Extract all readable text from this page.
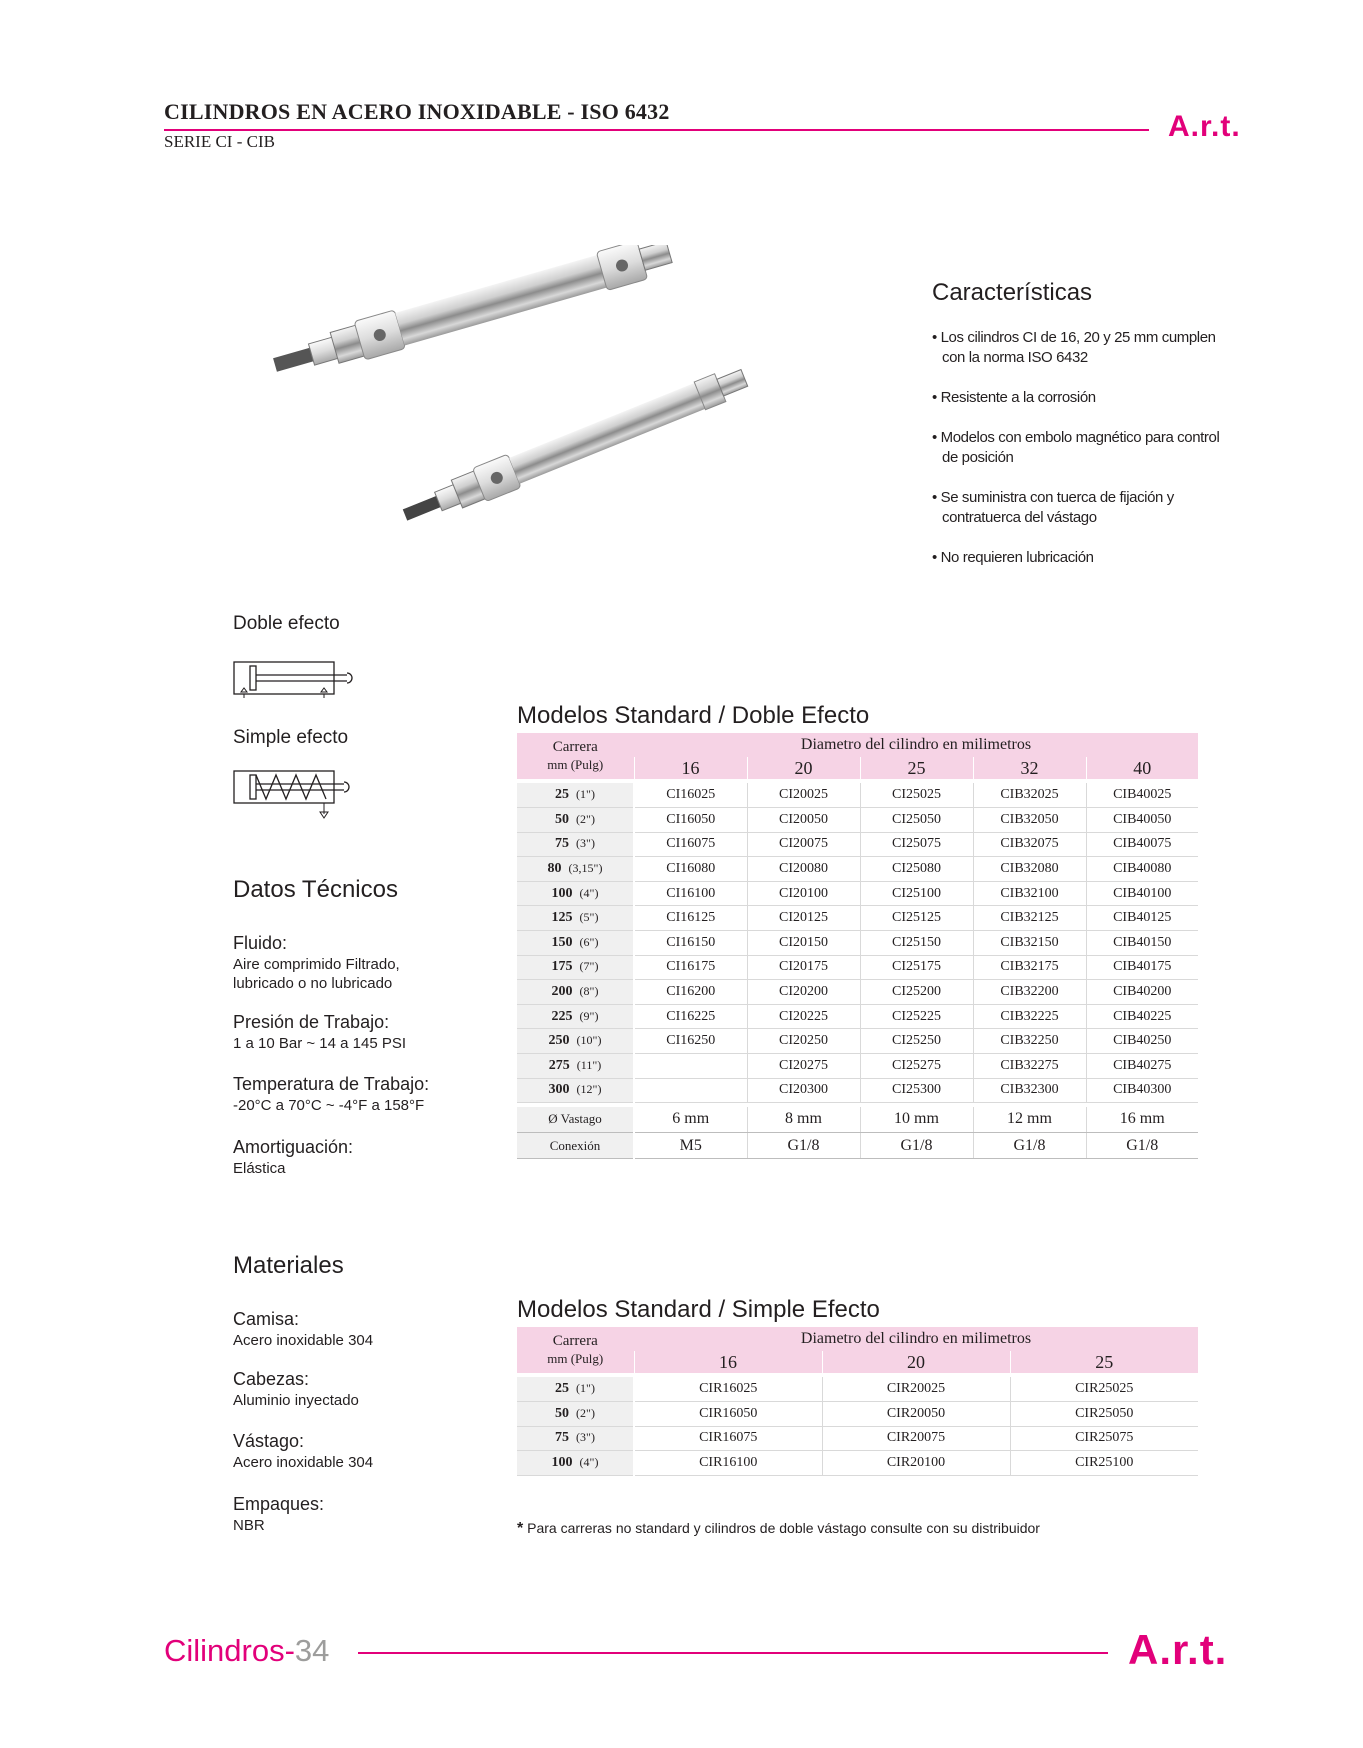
CILINDROS EN ACERO INOXIDABLE - ISO 6432
SERIE CI - CIB	A.r.t.
Características
• Los cilindros CI de 16, 20 y 25 mm cumplen con la norma ISO 6432
• Resistente a la corrosión
• Modelos con embolo magnético para control de posición
• Se suministra con tuerca de fijación y contratuerca del vástago
• No requieren lubricación
Doble efecto
Simple efecto
Datos Técnicos
Fluido:
Aire comprimido Filtrado,
lubricado o no lubricado
Presión de Trabajo:
1 a 10 Bar ~ 14 a 145 PSI
Temperatura de Trabajo:
-20°C a 70°C ~ -4°F a 158°F
Amortiguación:
Elástica
Materiales
Camisa:
Acero inoxidable 304
Cabezas:
Aluminio inyectado
Vástago:
Acero inoxidable 304
Empaques:
NBR
Modelos Standard / Doble Efecto
Carrera
mm (Pulg)	Diametro del cilindro en milimetros				
	16	20	25	32	40

25 (1")	CI16025	CI20025	CI25025	CIB32025	CIB40025
50 (2")	CI16050	CI20050	CI25050	CIB32050	CIB40050
75 (3")	CI16075	CI20075	CI25075	CIB32075	CIB40075
80 (3,15")	CI16080	CI20080	CI25080	CIB32080	CIB40080
100 (4")	CI16100	CI20100	CI25100	CIB32100	CIB40100
125 (5")	CI16125	CI20125	CI25125	CIB32125	CIB40125
150 (6")	CI16150	CI20150	CI25150	CIB32150	CIB40150
175 (7")	CI16175	CI20175	CI25175	CIB32175	CIB40175
200 (8")	CI16200	CI20200	CI25200	CIB32200	CIB40200
225 (9")	CI16225	CI20225	CI25225	CIB32225	CIB40225
250 (10")	CI16250	CI20250	CI25250	CIB32250	CIB40250
275 (11")		CI20275	CI25275	CIB32275	CIB40275
300 (12")		CI20300	CI25300	CIB32300	CIB40300

Ø Vastago	6 mm	8 mm	10 mm	12 mm	16 mm
Conexión	M5	G1/8	G1/8	G1/8	G1/8
Modelos Standard / Simple Efecto
Carrera
mm (Pulg)	Diametro del cilindro en milimetros		
	16	20	25

25 (1")	CIR16025	CIR20025	CIR25025
50 (2")	CIR16050	CIR20050	CIR25050
75 (3")	CIR16075	CIR20075	CIR25075
100 (4")	CIR16100	CIR20100	CIR25100
* Para carreras no standard y cilindros de doble vástago consulte con su distribuidor
Cilindros-34	A.r.t.
